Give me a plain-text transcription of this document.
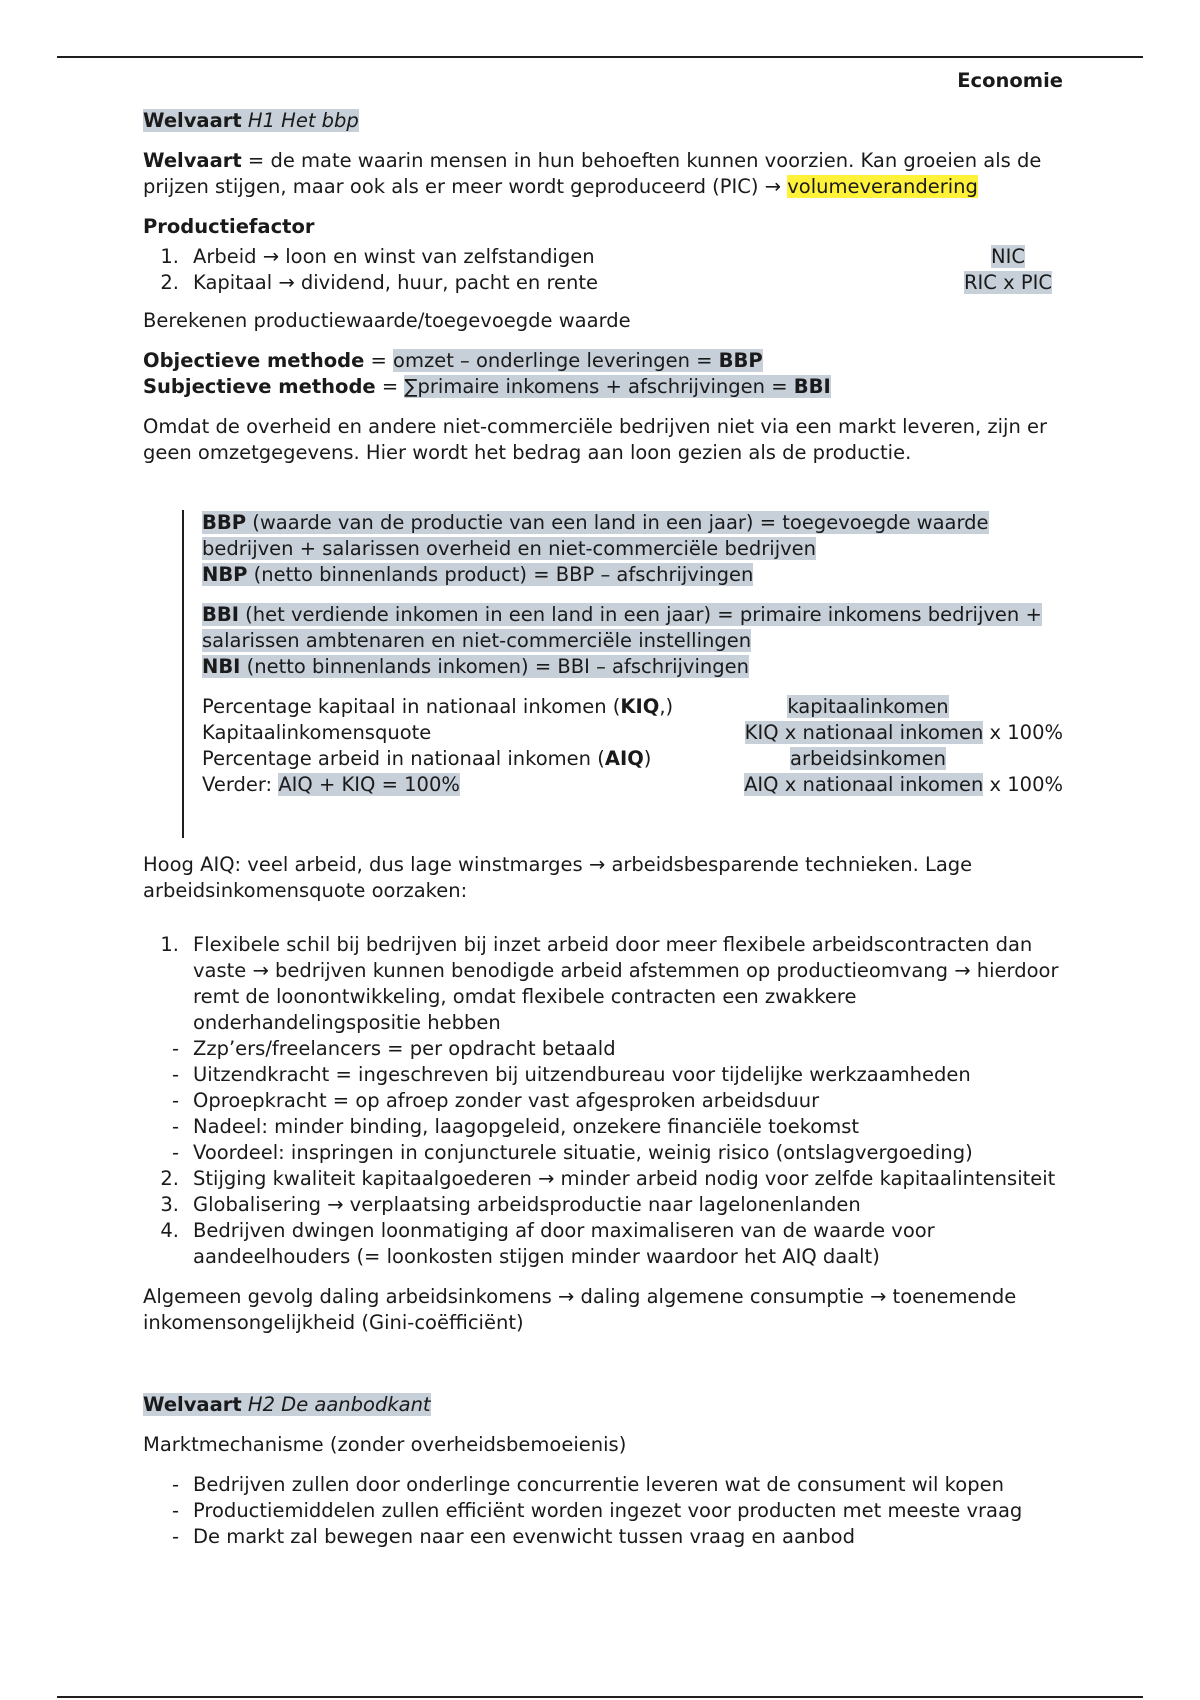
Economie

Welvaart H1 Het bbp

Welvaart = de mate waarin mensen in hun behoeften kunnen voorzien. Kan groeien als de prijzen stijgen, maar ook als er meer wordt geproduceerd (PIC) → volumeverandering

Productiefactor
1. Arbeid → loon en winst van zelfstandigen	NIC
2. Kapitaal → dividend, huur, pacht en rente	RIC x PIC

Berekenen productiewaarde/toegevoegde waarde

Objectieve methode = omzet – onderlinge leveringen = BBP
Subjectieve methode = ∑primaire inkomens + afschrijvingen = BBI

Omdat de overheid en andere niet-commerciële bedrijven niet via een markt leveren, zijn er geen omzetgegevens. Hier wordt het bedrag aan loon gezien als de productie.

BBP (waarde van de productie van een land in een jaar) = toegevoegde waarde bedrijven + salarissen overheid en niet-commerciële bedrijven
NBP (netto binnenlands product) = BBP – afschrijvingen

BBI (het verdiende inkomen in een land in een jaar) = primaire inkomens bedrijven + salarissen ambtenaren en niet-commerciële instellingen
NBI (netto binnenlands inkomen) = BBI – afschrijvingen

Percentage kapitaal in nationaal inkomen (KIQ,)	kapitaalinkomen
Kapitaalinkomensquote	KIQ x nationaal inkomen x 100%
Percentage arbeid in nationaal inkomen (AIQ)	arbeidsinkomen
Verder: AIQ + KIQ = 100%	AIQ x nationaal inkomen x 100%

Hoog AIQ: veel arbeid, dus lage winstmarges → arbeidsbesparende technieken. Lage arbeidsinkomensquote oorzaken:

1. Flexibele schil bij bedrijven bij inzet arbeid door meer flexibele arbeidscontracten dan vaste → bedrijven kunnen benodigde arbeid afstemmen op productieomvang → hierdoor remt de loonontwikkeling, omdat flexibele contracten een zwakkere onderhandelingspositie hebben
- Zzp’ers/freelancers = per opdracht betaald
- Uitzendkracht = ingeschreven bij uitzendbureau voor tijdelijke werkzaamheden
- Oproepkracht = op afroep zonder vast afgesproken arbeidsduur
- Nadeel: minder binding, laagopgeleid, onzekere financiële toekomst
- Voordeel: inspringen in conjuncturele situatie, weinig risico (ontslagvergoeding)
2. Stijging kwaliteit kapitaalgoederen → minder arbeid nodig voor zelfde kapitaalintensiteit
3. Globalisering → verplaatsing arbeidsproductie naar lagelonenlanden
4. Bedrijven dwingen loonmatiging af door maximaliseren van de waarde voor aandeelhouders (= loonkosten stijgen minder waardoor het AIQ daalt)

Algemeen gevolg daling arbeidsinkomens → daling algemene consumptie → toenemende inkomensongelijkheid (Gini-coëfficiënt)

Welvaart H2 De aanbodkant

Marktmechanisme (zonder overheidsbemoeienis)

- Bedrijven zullen door onderlinge concurrentie leveren wat de consument wil kopen
- Productiemiddelen zullen efficiënt worden ingezet voor producten met meeste vraag
- De markt zal bewegen naar een evenwicht tussen vraag en aanbod
